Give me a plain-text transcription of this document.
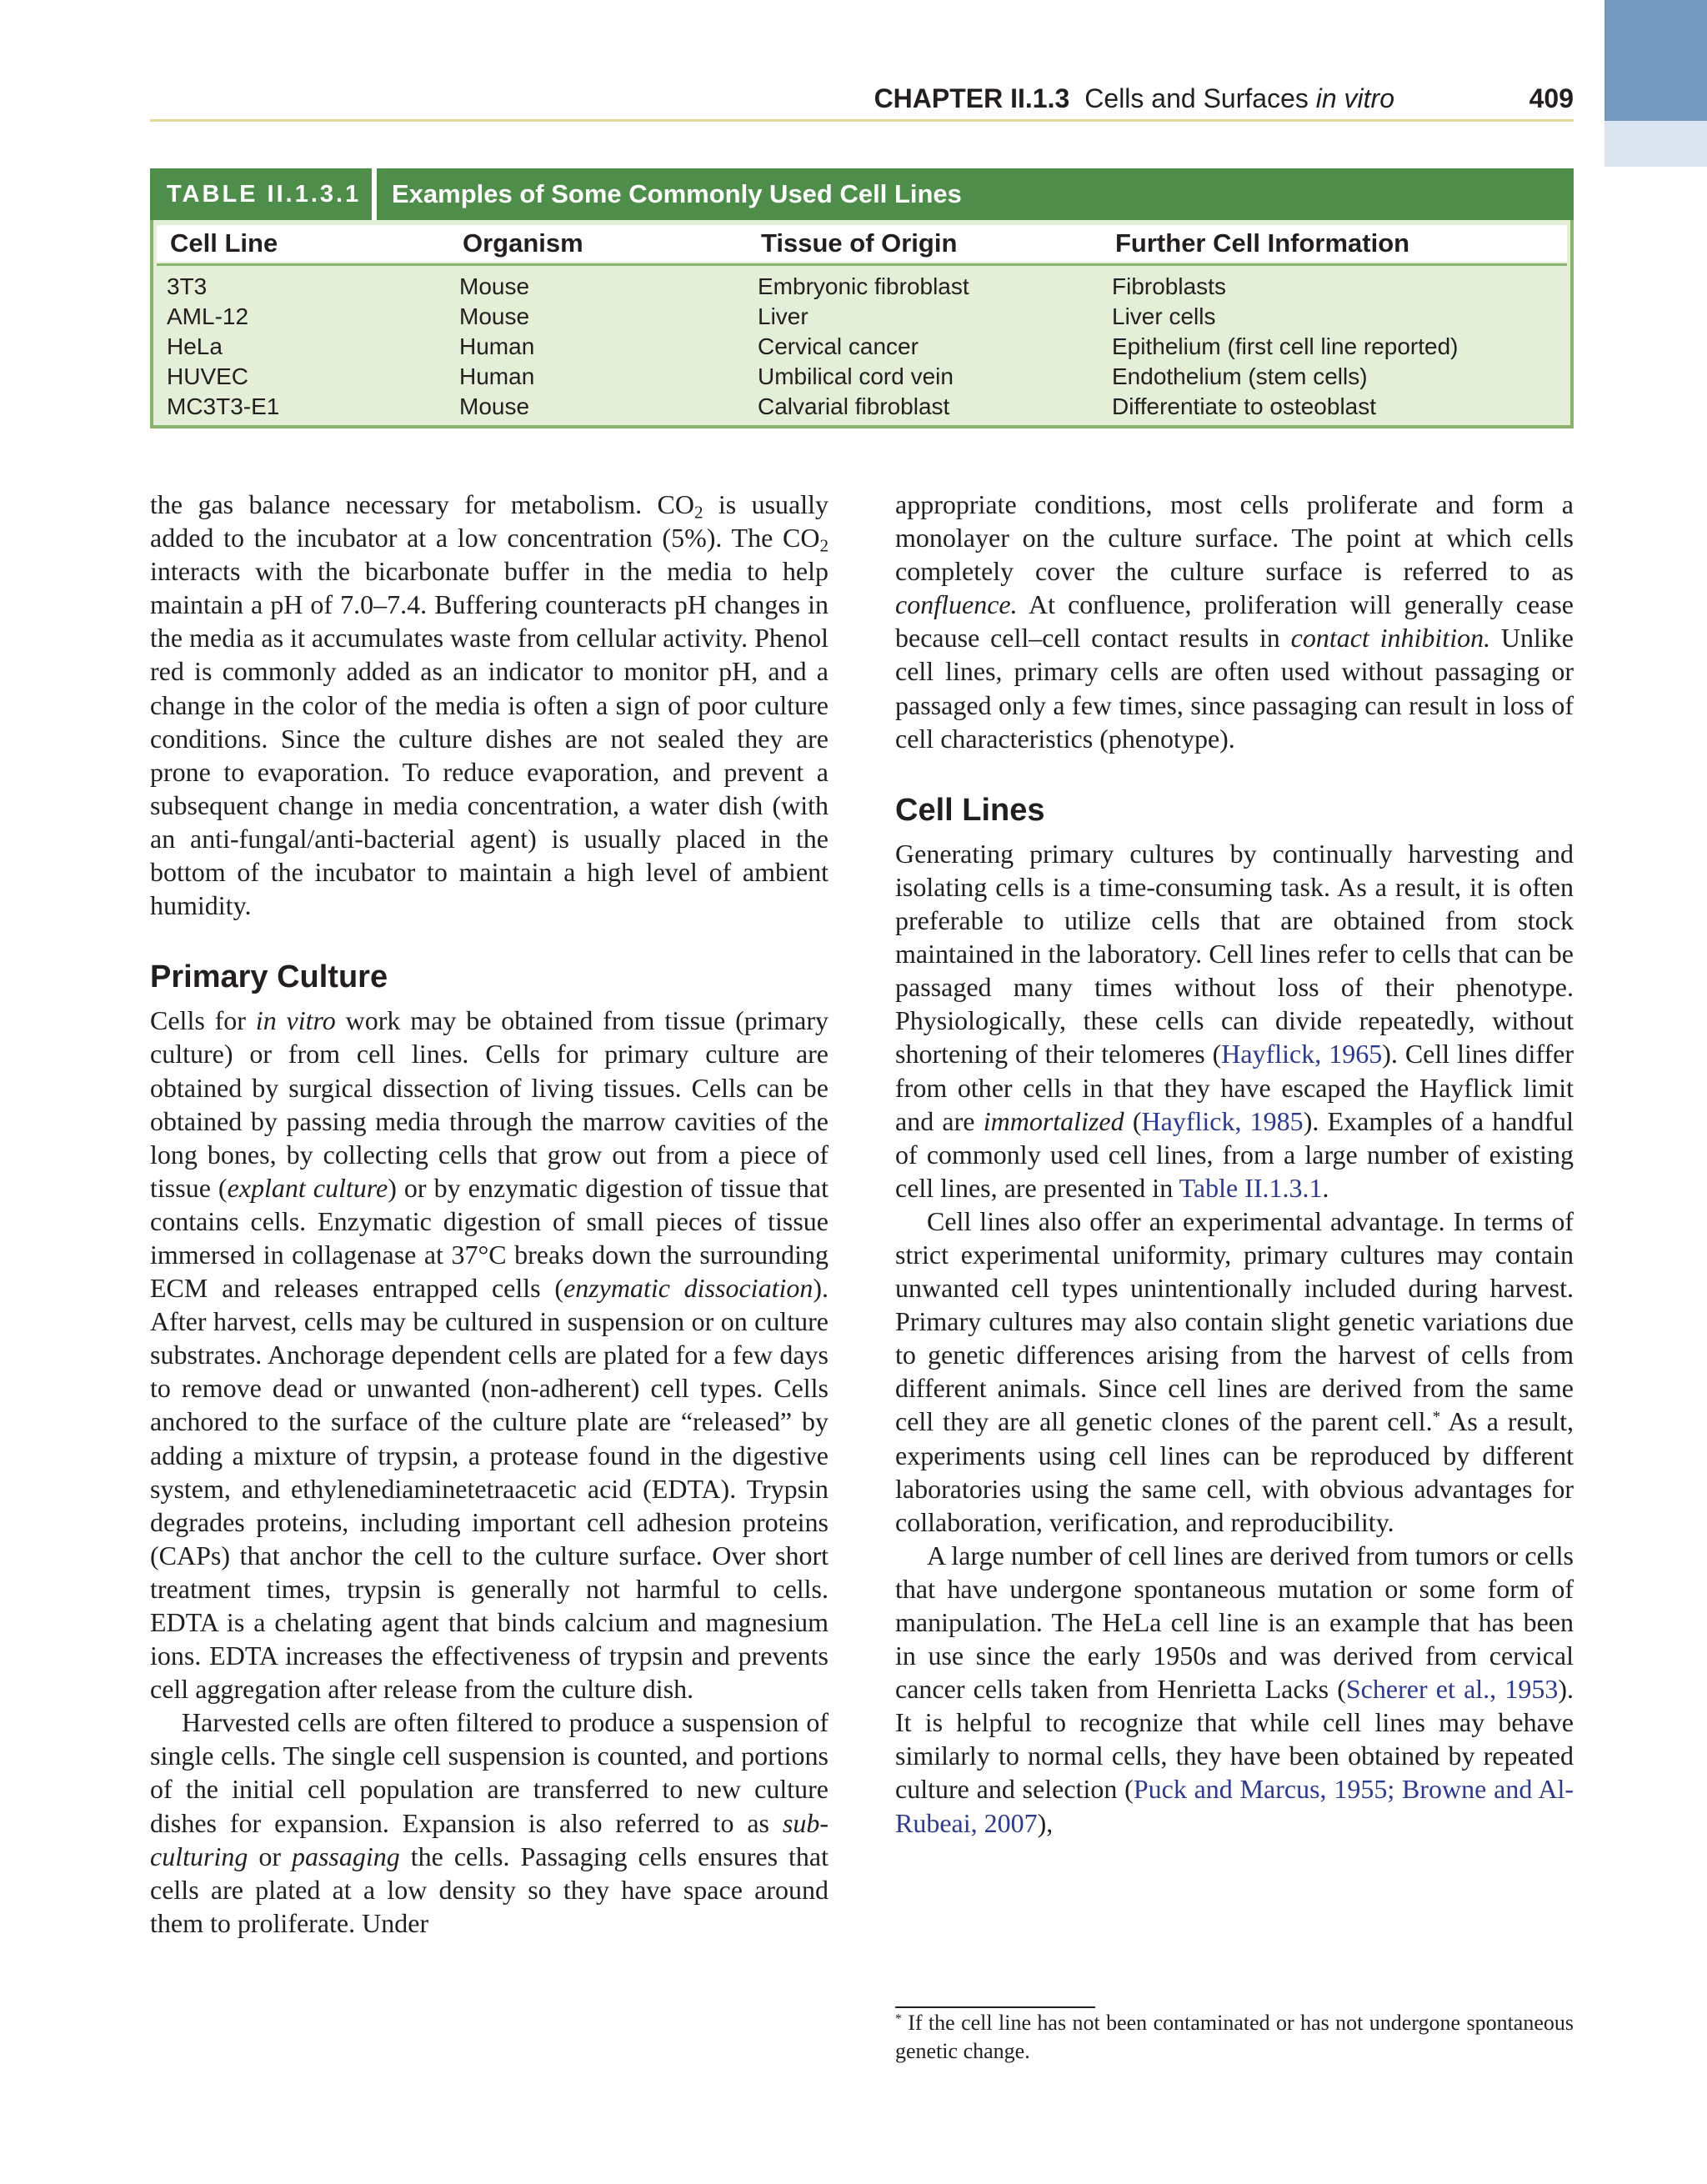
CHAPTER II.1.3 Cells and Surfaces in vitro	409
TABLE II.1.3.1	Examples of Some Commonly Used Cell Lines
Cell Line	Organism	Tissue of Origin	Further Cell Information
3T3	Mouse	Embryonic fibroblast	Fibroblasts
AML-12	Mouse	Liver	Liver cells
HeLa	Human	Cervical cancer	Epithelium (first cell line reported)
HUVEC	Human	Umbilical cord vein	Endothelium (stem cells)
MC3T3-E1	Mouse	Calvarial fibroblast	Differentiate to osteoblast

the gas balance necessary for metabolism. $CO_2$ is usually added to the incubator at a low concentration (5%). The $CO_2$ interacts with the bicarbonate buffer in the media to help maintain a pH of 7.0–7.4. Buffering counteracts pH changes in the media as it accumulates waste from cellular activity. Phenol red is commonly added as an indicator to monitor pH, and a change in the color of the media is often a sign of poor culture conditions. Since the culture dishes are not sealed they are prone to evaporation. To reduce evaporation, and prevent a subsequent change in media concentration, a water dish (with an anti-fungal/anti-bacterial agent) is usually placed in the bottom of the incubator to maintain a high level of ambient humidity.

Primary Culture

Cells for in vitro work may be obtained from tissue (primary culture) or from cell lines. Cells for primary culture are obtained by surgical dissection of living tissues. Cells can be obtained by passing media through the marrow cavities of the long bones, by collecting cells that grow out from a piece of tissue (explant culture) or by enzymatic digestion of tissue that contains cells. Enzymatic digestion of small pieces of tissue immersed in collagenase at 37°C breaks down the surrounding ECM and releases entrapped cells (enzymatic dissociation). After harvest, cells may be cultured in suspension or on culture substrates. Anchorage dependent cells are plated for a few days to remove dead or unwanted (non-adherent) cell types. Cells anchored to the surface of the culture plate are “released” by adding a mixture of trypsin, a protease found in the digestive system, and ethylenediaminetetraacetic acid (EDTA). Trypsin degrades proteins, including important cell adhesion proteins (CAPs) that anchor the cell to the culture surface. Over short treatment times, trypsin is generally not harmful to cells. EDTA is a chelating agent that binds calcium and magnesium ions. EDTA increases the effectiveness of trypsin and prevents cell aggregation after release from the culture dish.

Harvested cells are often filtered to produce a suspension of single cells. The single cell suspension is counted, and portions of the initial cell population are transferred to new culture dishes for expansion. Expansion is also referred to as sub-culturing or passaging the cells. Passaging cells ensures that cells are plated at a low density so they have space around them to proliferate. Under

appropriate conditions, most cells proliferate and form a monolayer on the culture surface. The point at which cells completely cover the culture surface is referred to as confluence. At confluence, proliferation will generally cease because cell–cell contact results in contact inhibition. Unlike cell lines, primary cells are often used without passaging or passaged only a few times, since passaging can result in loss of cell characteristics (phenotype).

Cell Lines

Generating primary cultures by continually harvesting and isolating cells is a time-consuming task. As a result, it is often preferable to utilize cells that are obtained from stock maintained in the laboratory. Cell lines refer to cells that can be passaged many times without loss of their phenotype. Physiologically, these cells can divide repeatedly, without shortening of their telomeres (Hayflick, 1965). Cell lines differ from other cells in that they have escaped the Hayflick limit and are immortalized (Hayflick, 1985). Examples of a handful of commonly used cell lines, from a large number of existing cell lines, are presented in Table II.1.3.1.

Cell lines also offer an experimental advantage. In terms of strict experimental uniformity, primary cultures may contain unwanted cell types unintentionally included during harvest. Primary cultures may also contain slight genetic variations due to genetic differences arising from the harvest of cells from different animals. Since cell lines are derived from the same cell they are all genetic clones of the parent cell.* As a result, experiments using cell lines can be reproduced by different laboratories using the same cell, with obvious advantages for collaboration, verification, and reproducibility.

A large number of cell lines are derived from tumors or cells that have undergone spontaneous mutation or some form of manipulation. The HeLa cell line is an example that has been in use since the early 1950s and was derived from cervical cancer cells taken from Henrietta Lacks (Scherer et al., 1953). It is helpful to recognize that while cell lines may behave similarly to normal cells, they have been obtained by repeated culture and selection (Puck and Marcus, 1955; Browne and Al-Rubeai, 2007),

* If the cell line has not been contaminated or has not undergone spontaneous genetic change.
